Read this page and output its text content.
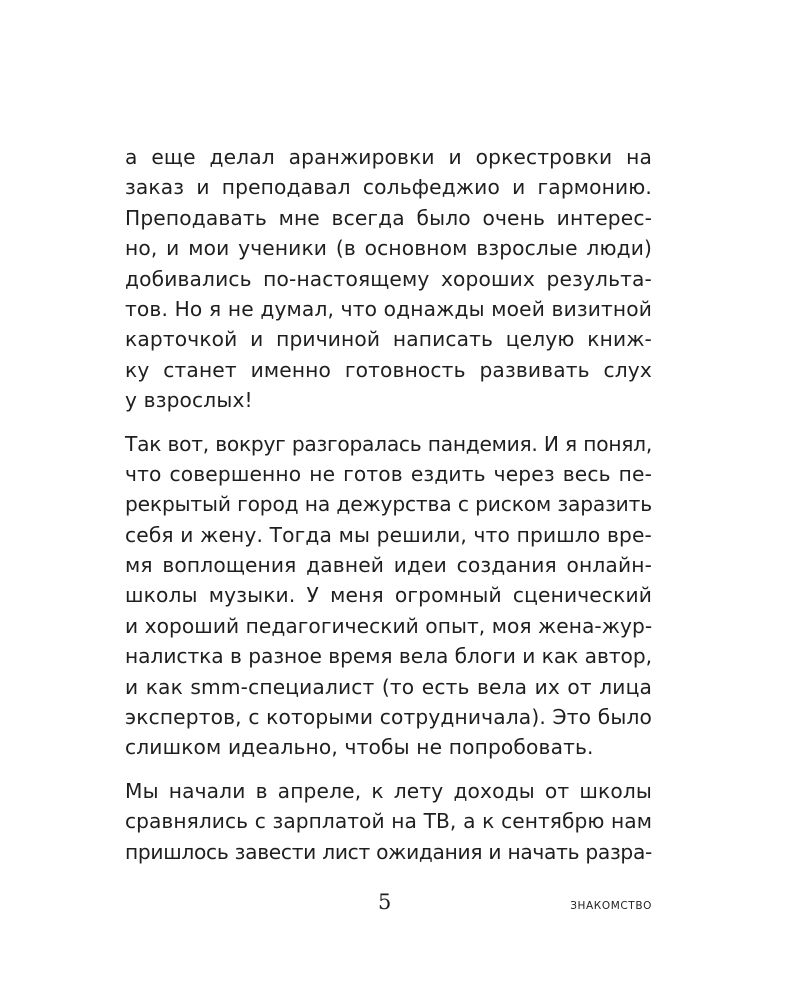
а еще делал аранжировки и оркестровки на
заказ и преподавал сольфеджио и гармонию.
Преподавать мне всегда было очень интерес-
но, и мои ученики (в основном взрослые люди)
добивались по-настоящему хороших результа-
тов. Но я не думал, что однажды моей визитной
карточкой и причиной написать целую книж-
ку станет именно готовность развивать слух
у взрослых!
Так вот, вокруг разгоралась пандемия. И я понял,
что совершенно не готов ездить через весь пе-
рекрытый город на дежурства с риском заразить
себя и жену. Тогда мы решили, что пришло вре-
мя воплощения давней идеи создания онлайн-
школы музыки. У меня огромный сценический
и хороший педагогический опыт, моя жена-жур-
налистка в разное время вела блоги и как автор,
и как smm-специалист (то есть вела их от лица
экспертов, с которыми сотрудничала). Это было
слишком идеально, чтобы не попробовать.
Мы начали в апреле, к лету доходы от школы
сравнялись с зарплатой на ТВ, а к сентябрю нам
пришлось завести лист ожидания и начать разра-
5	ЗНАКОМСТВО
